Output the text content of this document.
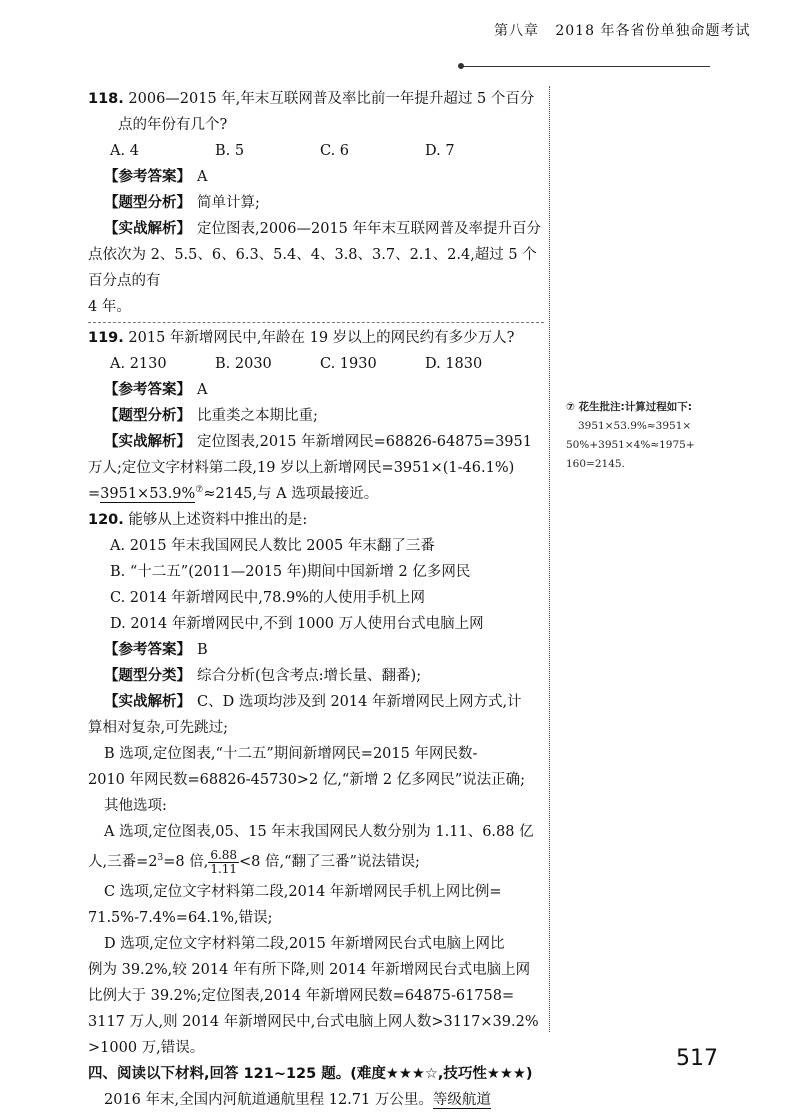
第八章 2018 年各省份单独命题考试

118. 2006—2015 年,年末互联网普及率比前一年提升超过 5 个百分

点的年份有几个?

A. 4	B. 5	C. 6	D. 7

【参考答案】 A

【题型分析】 简单计算;

【实战解析】 定位图表,2006—2015 年年末互联网普及率提升百分

点依次为 2、5.5、6、6.3、5.4、4、3.8、3.7、2.1、2.4,超过 5 个百分点的有

4 年。

119. 2015 年新增网民中,年龄在 19 岁以上的网民约有多少万人?

A. 2130	B. 2030	C. 1930	D. 1830

【参考答案】 A

【题型分析】 比重类之本期比重;

【实战解析】 定位图表,2015 年新增网民=68826-64875=3951

万人;定位文字材料第二段,19 岁以上新增网民=3951×(1-46.1%)

=3951×53.9%⑦≈2145,与 A 选项最接近。

120. 能够从上述资料中推出的是:

A. 2015 年末我国网民人数比 2005 年末翻了三番

B. “十二五”(2011—2015 年)期间中国新增 2 亿多网民

C. 2014 年新增网民中,78.9%的人使用手机上网

D. 2014 年新增网民中,不到 1000 万人使用台式电脑上网

【参考答案】 B

【题型分类】 综合分析(包含考点:增长量、翻番);

【实战解析】 C、D 选项均涉及到 2014 年新增网民上网方式,计

算相对复杂,可先跳过;

B 选项,定位图表,“十二五”期间新增网民=2015 年网民数-

2010 年网民数=68826-45730>2 亿,“新增 2 亿多网民”说法正确;

其他选项:

A 选项,定位图表,05、15 年末我国网民人数分别为 1.11、6.88 亿

人,三番$=2^3=8$ 倍, $\frac{6.88}{1.11} <8$ 倍,“翻了三番”说法错误;

C 选项,定位文字材料第二段,2014 年新增网民手机上网比例=

71.5%-7.4%=64.1%,错误;

D 选项,定位文字材料第二段,2015 年新增网民台式电脑上网比

例为 39.2%,较 2014 年有所下降,则 2014 年新增网民台式电脑上网

比例大于 39.2%;定位图表,2014 年新增网民数=64875-61758=

3117 万人,则 2014 年新增网民中,台式电脑上网人数>3117×39.2%

>1000 万,错误。

四、阅读以下材料,回答 121~125 题。(难度★★★☆,技巧性★★★)

2016 年末,全国内河航道通航里程 12.71 万公里。等级航道

⑦ 花生批注:计算过程如下:

3951×53.9%≈3951×

50%+3951×4%≈1975+

160=2145.

517
